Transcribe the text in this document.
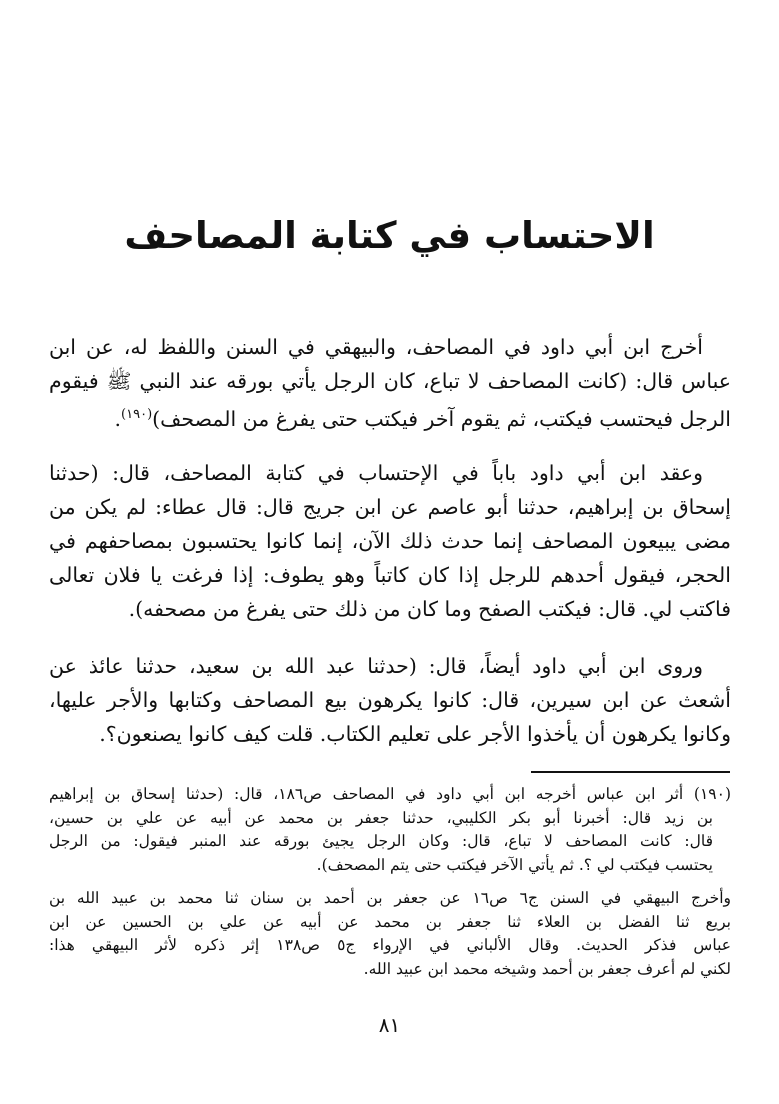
الاحتساب في كتابة المصاحف
أخرج ابن أبي داود في المصاحف، والبيهقي في السنن واللفظ له، عن ابن
عباس قال: (كانت المصاحف لا تباع، كان الرجل يأتي بورقه عند النبي ﷺ فيقوم
الرجل فيحتسب فيكتب، ثم يقوم آخر فيكتب حتى يفرغ من المصحف)$^{(١٩٠)}$.
وعقد ابن أبي داود باباً في الإحتساب في كتابة المصاحف، قال: (حدثنا
إسحاق بن إبراهيم، حدثنا أبو عاصم عن ابن جريج قال: قال عطاء: لم يكن من
مضى يبيعون المصاحف إنما حدث ذلك الآن، إنما كانوا يحتسبون بمصاحفهم في
الحجر، فيقول أحدهم للرجل إذا كان كاتباً وهو يطوف: إذا فرغت يا فلان تعالى
فاكتب لي. قال: فيكتب الصفح وما كان من ذلك حتى يفرغ من مصحفه).
وروى ابن أبي داود أيضاً، قال: (حدثنا عبد الله بن سعيد، حدثنا عائذ عن
أشعث عن ابن سيرين، قال: كانوا يكرهون بيع المصاحف وكتابها والأجر عليها،
وكانوا يكرهون أن يأخذوا الأجر على تعليم الكتاب. قلت كيف كانوا يصنعون؟.
(١٩٠) أثر ابن عباس أخرجه ابن أبي داود في المصاحف ص١٨٦، قال: (حدثنا إسحاق بن إبراهيم
بن زيد قال: أخبرنا أبو بكر الكليبي، حدثنا جعفر بن محمد عن أبيه عن علي بن حسين،
قال: كانت المصاحف لا تباع، قال: وكان الرجل يجيئ بورقه عند المنبر فيقول: من الرجل
يحتسب فيكتب لي ؟. ثم يأتي الآخر فيكتب حتى يتم المصحف).
وأخرج البيهقي في السنن ج٦ ص١٦ عن جعفر بن أحمد بن سنان ثنا محمد بن عبيد الله بن
بريع ثنا الفضل بن العلاء ثنا جعفر بن محمد عن أبيه عن علي بن الحسين عن ابن
عباس فذكر الحديث. وقال الألباني في الإرواء ج٥ ص١٣٨ إثر ذكره لأثر البيهقي هذا:
لكني لم أعرف جعفر بن أحمد وشيخه محمد ابن عبيد الله.
٨١
